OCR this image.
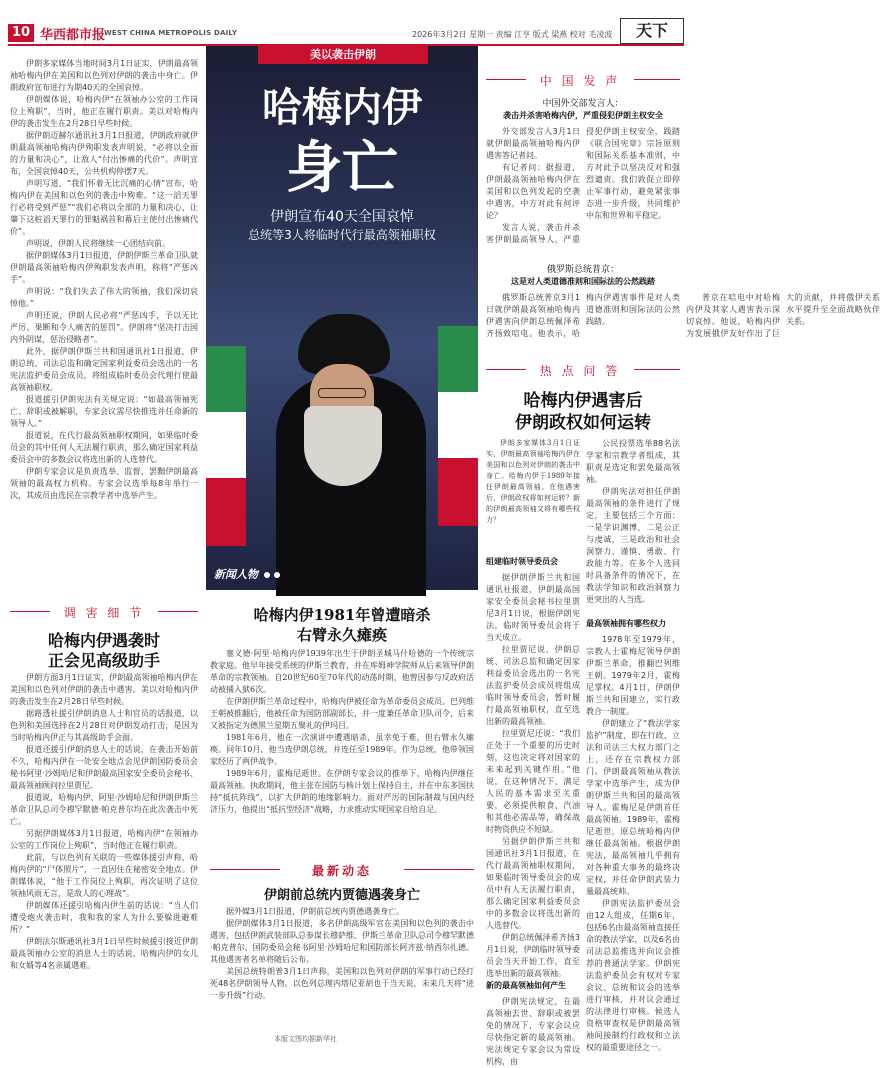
10 华西都市报
WEST CHINA METROPOLIS DAILY	2026年3月2日 星期一 责编 江亨 版式 梁燕 校对 毛凌波	天下

伊朗多家媒体当地时间3月1日证实，伊朗最高领袖哈梅内伊在美国和以色列对伊朗的袭击中身亡。伊朗政府宣布进行为期40天的全国哀悼。

伊朗媒体说，哈梅内伊“在领袖办公室的工作岗位上殉职”，当时，他正在履行职责。美以对哈梅内伊的袭击发生在2月28日早些时候。

据伊朗迈赫尔通讯社3月1日报道，伊朗政府就伊朗最高领袖哈梅内伊殉职发表声明说，“必将以全面的力量和决心”，让敌人“付出惨痛的代价”。声明宣布，全国哀悼40天，公共机构停摆7天。

声明写道，“我们怀着无比沉痛的心情”宣布，哈梅内伊在美国和以色列的袭击中殉难。“这一滔天罪行必将受到严惩”“我们必将以全部的力量和决心，让肇下这桩滔天罪行的罪魁祸首和幕后主使付出惨痛代价”。

声明说，伊朗人民将继续一心团结向前。

据伊朗媒体3月1日报道，伊朗伊斯兰革命卫队就伊朗最高领袖哈梅内伊殉职发表声明，称将“严惩凶手”。

声明说：“我们失去了伟大的领袖，我们深切哀悼他。”

声明还说，伊朗人民必将“严惩凶手，予以无比严厉、果断和令人痛苦的惩罚”。伊朗将“坚决打击国内外阴谋，惩治侵略者”。

此外，据伊朗伊斯兰共和国通讯社1日报道，伊朗总统、司法总监和确定国家利益委员会选出的一名宪法监护委员会成员，将组成临时委员会代理行使最高领袖职权。

报道援引伊朗宪法有关规定说：“如最高领袖死亡、辞职或被解职，专家会议需尽快推选并任命新的领导人。”

报道说，在代行最高领袖职权期间，如果临时委员会的其中任何人无法履行职责，那么确定国家利益委员会中的多数会议将选出新的人选替代。

伊朗专家会议是负责选举、监督、罢黜伊朗最高领袖的最高权力机构。专家会议选举每8年举行一次，其成员由选民在宗教学者中选举产生。

调 害 细 节
哈梅内伊遇袭时
正会见高级助手

伊朗方面3月1日证实，伊朗最高领袖哈梅内伊在美国和以色列对伊朗的袭击中遇害。美以对哈梅内伊的袭击发生在2月28日早些时候。

据路透社援引伊朗消息人士和官员的话报道，以色列和美国选择在2月28日对伊朗发动打击，是因为当时哈梅内伊正与其高级助手会面。

报道还援引伊朗消息人士的话说，在袭击开始前不久，哈梅内伊在一处安全地点会见伊朗国防委员会秘书阿里·沙姆哈尼和伊朗最高国家安全委员会秘书、最高领袖顾问拉里贾尼。

报道说，哈梅内伊、阿里·沙姆哈尼和伊朗伊斯兰革命卫队总司令穆罕默德·帕克普尔均在此次袭击中死亡。

另据伊朗媒体3月1日报道，哈梅内伊“在领袖办公室的工作岗位上殉职”，当时他正在履行职责。

此前，与以色列有关联的一些媒体援引声称，哈梅内伊的“尸体照片”，一直因住在秘密安全地点。伊朗媒体说，“他于工作岗位上殉职，再次证明了这位领袖风雨无言，是敌人的心理战”。

伊朗媒体还援引哈梅内伊生前的话说：“当人们遭受炮火袭击时，我和我的家人为什么要躲进避难所？”

伊朗法尔斯通讯社3月1日早些时候援引接近伊朗最高领袖办公室的消息人士的话说，哈梅内伊的女儿和女婿等4名亲属遇难。

新闻人物
美以袭击伊朗
哈梅内伊
身亡
伊朗宣布40天全国哀悼
总统等3人将临时代行最高领袖职权
哈梅内伊1981年曾遭暗杀
右臂永久瘫痪

塞义德·阿里·哈梅内伊1939年出生于伊朗圣城马什哈德的一个传统宗教家庭。他早年接受系统的伊斯兰教育，并在库姆神学院师从后来领导伊朗革命的宗教领袖。自20世纪60至70年代的动荡时期，他曾因参与反政府活动被捕入狱6次。

在伊朗伊斯兰革命过程中，哈梅内伊被任命为革命委员会成员。巴列维王朝被推翻后，他被任命为国防部副部长，并一度兼任革命卫队司令，后来又被指定为德黑兰星期五聚礼的伊玛目。

1981年6月，他在一次演讲中遭遇暗杀，虽幸免于难，但右臂永久瘫痪。同年10月，他当选伊朗总统，并连任至1989年。作为总统，他带领国家经历了两伊战争。

1989年6月，霍梅尼逝世。在伊朗专家会议的推举下，哈梅内伊继任最高领袖。执政期间，他主张在国防与核计划上保持自主，并在中东多国扶持“抵抗阵线”，以扩大伊朗的地缘影响力。面对严厉的国际制裁与国内经济压力，他提出“抵抗型经济”战略，力求推动实现国家自给自足。

最新动态
伊朗前总统内贾德遇袭身亡

据外媒3月1日报道，伊朗前总统内贾德遇袭身亡。

据伊朗媒体3月1日报道，多名伊朗高级军官在美国和以色列的袭击中遇害，包括伊朗武装部队总参谋长穆萨维、伊斯兰革命卫队总司令穆罕默德·帕克普尔、国防委员会秘书阿里·沙姆哈尼和国防部长阿齐兹·纳西尔扎德。其他遇害者名单将随后公布。

美国总统特朗普3月1日声称，美国和以色列对伊朗的军事行动已经打死48名伊朗领导人物。以色列总理内塔尼亚胡也于当天说，未来几天将“进一步升级”行动。

本版文图均据新华社
中 国 发 声
中国外交部发言人：
袭击并杀害哈梅内伊，严重侵犯伊朗主权安全

外交部发言人3月1日就伊朗最高领袖哈梅内伊遇害答记者问。

有记者问：据报道，伊朗最高领袖哈梅内伊在美国和以色列发起的空袭中遇害，中方对此有何评论？

发言人说，袭击并杀害伊朗最高领导人，严重侵犯伊朗主权安全，践踏《联合国宪章》宗旨原则和国际关系基本准则，中方对此予以坚决反对和强烈谴责。我们敦促立即停止军事行动，避免紧张事态进一步升级，共同维护中东和世界和平稳定。

俄罗斯总统普京：
这是对人类道德准则和国际法的公然践踏

俄罗斯总统普京3月1日就伊朗最高领袖哈梅内伊遇害向伊朗总统佩泽希齐扬致唁电。他表示，哈梅内伊遇害事件是对人类道德准则和国际法的公然践踏。

普京在唁电中对哈梅内伊及其家人遇害表示深切哀悼。他说，哈梅内伊为发展俄伊友好作出了巨大的贡献，并将俄伊关系水平提升至全面战略伙伴关系。

热 点 问 答
哈梅内伊遇害后
伊朗政权如何运转

伊朗多家媒体3月1日证实，伊朗最高领袖哈梅内伊在美国和以色列对伊朗的袭击中身亡。哈梅内伊于1989年接任伊朗最高领袖。在他遇害后，伊朗政权将如何运转？新的伊朗最高领袖又将有哪些权力？

组建临时领导委员会

据伊朗伊斯兰共和国通讯社报道，伊朗最高国家安全委员会秘书拉里贾尼3月1日说，根据伊朗宪法，临时领导委员会将于当天成立。

拉里贾尼说，伊朗总统、司法总监和确定国家利益委员会选出的一名宪法监护委员会成员将组成临时领导委员会，暂时履行最高领袖职权，直至选出新的最高领袖。

拉里贾尼还说：“我们正处于一个重要的历史时刻，这也决定将对国家的未来起到关键作用。”他说，在这种情况下，满足人民的基本需求至关重要，必须提供粮食、汽油和其他必需品等，确保战时物资供应不短缺。

另据伊朗伊斯兰共和国通讯社3月1日报道，在代行最高领袖职权期间，如果临时领导委员会的成员中有人无法履行职责，那么确定国家利益委员会中的多数会议将选出新的人选替代。

伊朗总统佩泽希齐扬3月1日说，伊朗临时领导委员会当天开始工作，直至选举出新的最高领袖。

新的最高领袖如何产生

伊朗宪法规定，在最高领袖去世、辞职或被罢免的情况下，专家会议应尽快指定新的最高领袖。宪法规定专家会议为常设机构，由

公民投票选举88名法学家和宗教学者组成，其职责是选定和罢免最高领袖。

伊朗宪法对担任伊朗最高领袖的条件进行了规定，主要包括三个方面：一是学识渊博，二是公正与虔诚，三是政治和社会洞察力、谨慎、勇敢、行政能力等。在多个人选同时具备条件的情况下，在教法学知识和政治洞察力更突出的人当选。

最高领袖拥有哪些权力

1978年至1979年，宗教人士霍梅尼领导伊朗伊斯兰革命，推翻巴列维王朝。1979年2月，霍梅尼掌权。4月1日，伊朗伊斯兰共和国建立，实行政教合一制度。

伊朗建立了“教法学家监护”制度，即在行政、立法和司法三大权力部门之上，还存在宗教权力部门。伊朗最高领袖从教法学家中选举产生，成为伊朗伊斯兰共和国的最高领导人。霍梅尼是伊朗首任最高领袖。1989年，霍梅尼逝世，原总统哈梅内伊继任最高领袖。根据伊朗宪法，最高领袖几乎拥有对各种重大事务的最终决定权，并任命伊朗武装力量最高统帅。

伊朗宪法监护委员会由12人组成，任期6年，包括6名由最高领袖直接任命的教法学家，以及6名由司法总监推选并向议会推荐的普通法学家。伊朗宪法监护委员会有权对专家会议、总统和议会的选举进行审核，并对议会通过的法律进行审核。候选人资格审查权是伊朗最高领袖间接制约行政权和立法权的最重要途径之一。
